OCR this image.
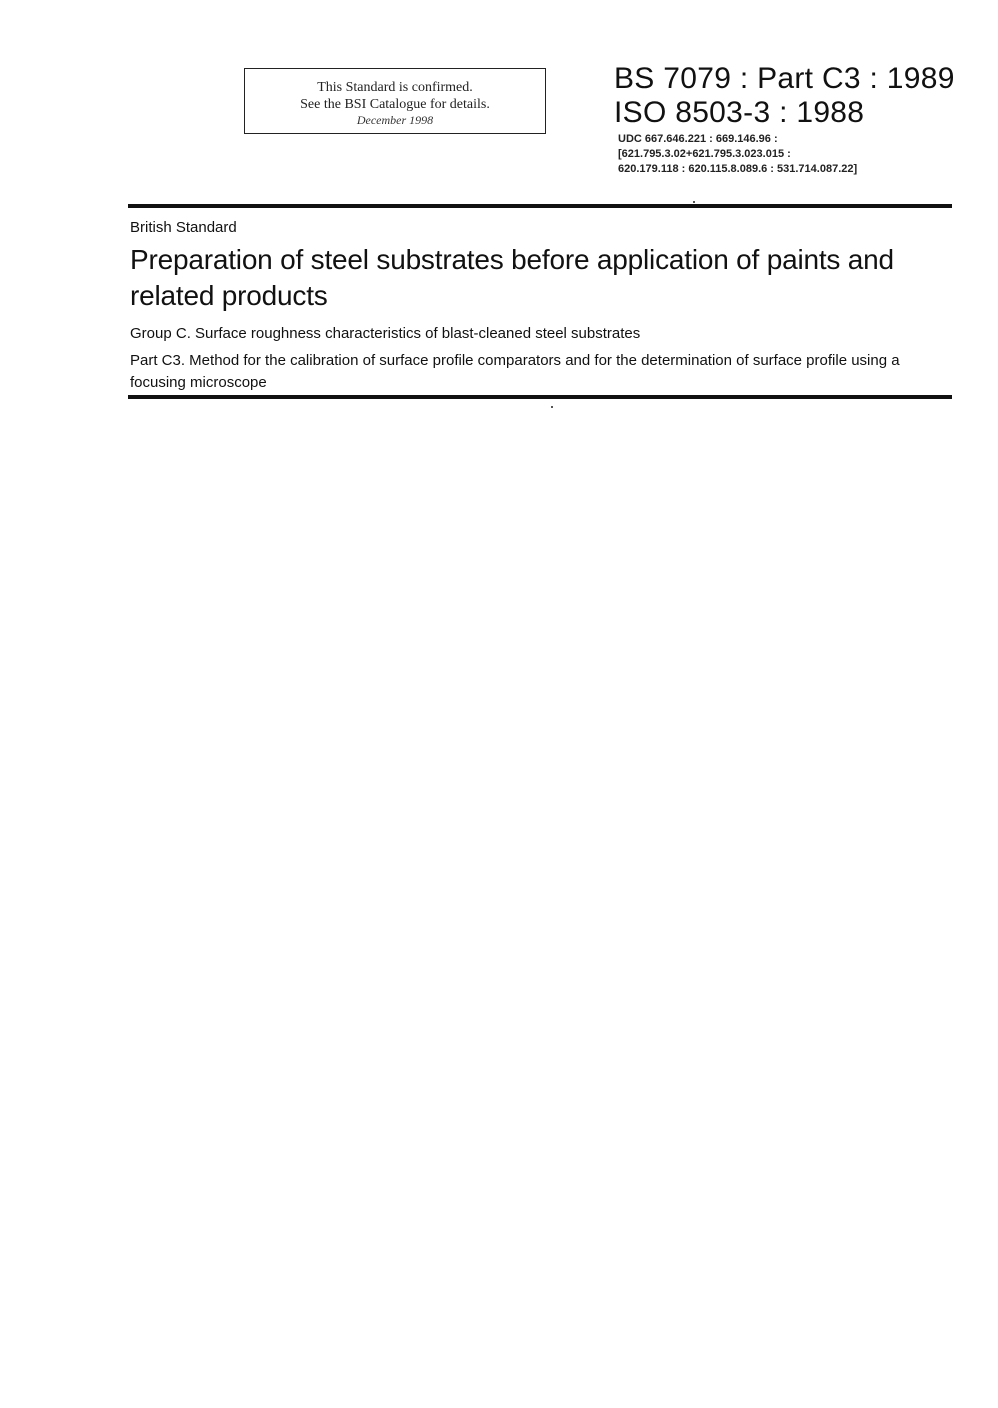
This Standard is confirmed.
See the BSI Catalogue for details.
December 1998
BS 7079 : Part C3 : 1989
ISO 8503-3 : 1988
UDC 667.646.221 : 669.146.96 :
[621.795.3.02+621.795.3.023.015 :
620.179.118 : 620.115.8.089.6 : 531.714.087.22]
British Standard
Preparation of steel substrates before application of paints and related products
Group C. Surface roughness characteristics of blast-cleaned steel substrates
Part C3. Method for the calibration of surface profile comparators and for the determination of surface profile using a focusing microscope
